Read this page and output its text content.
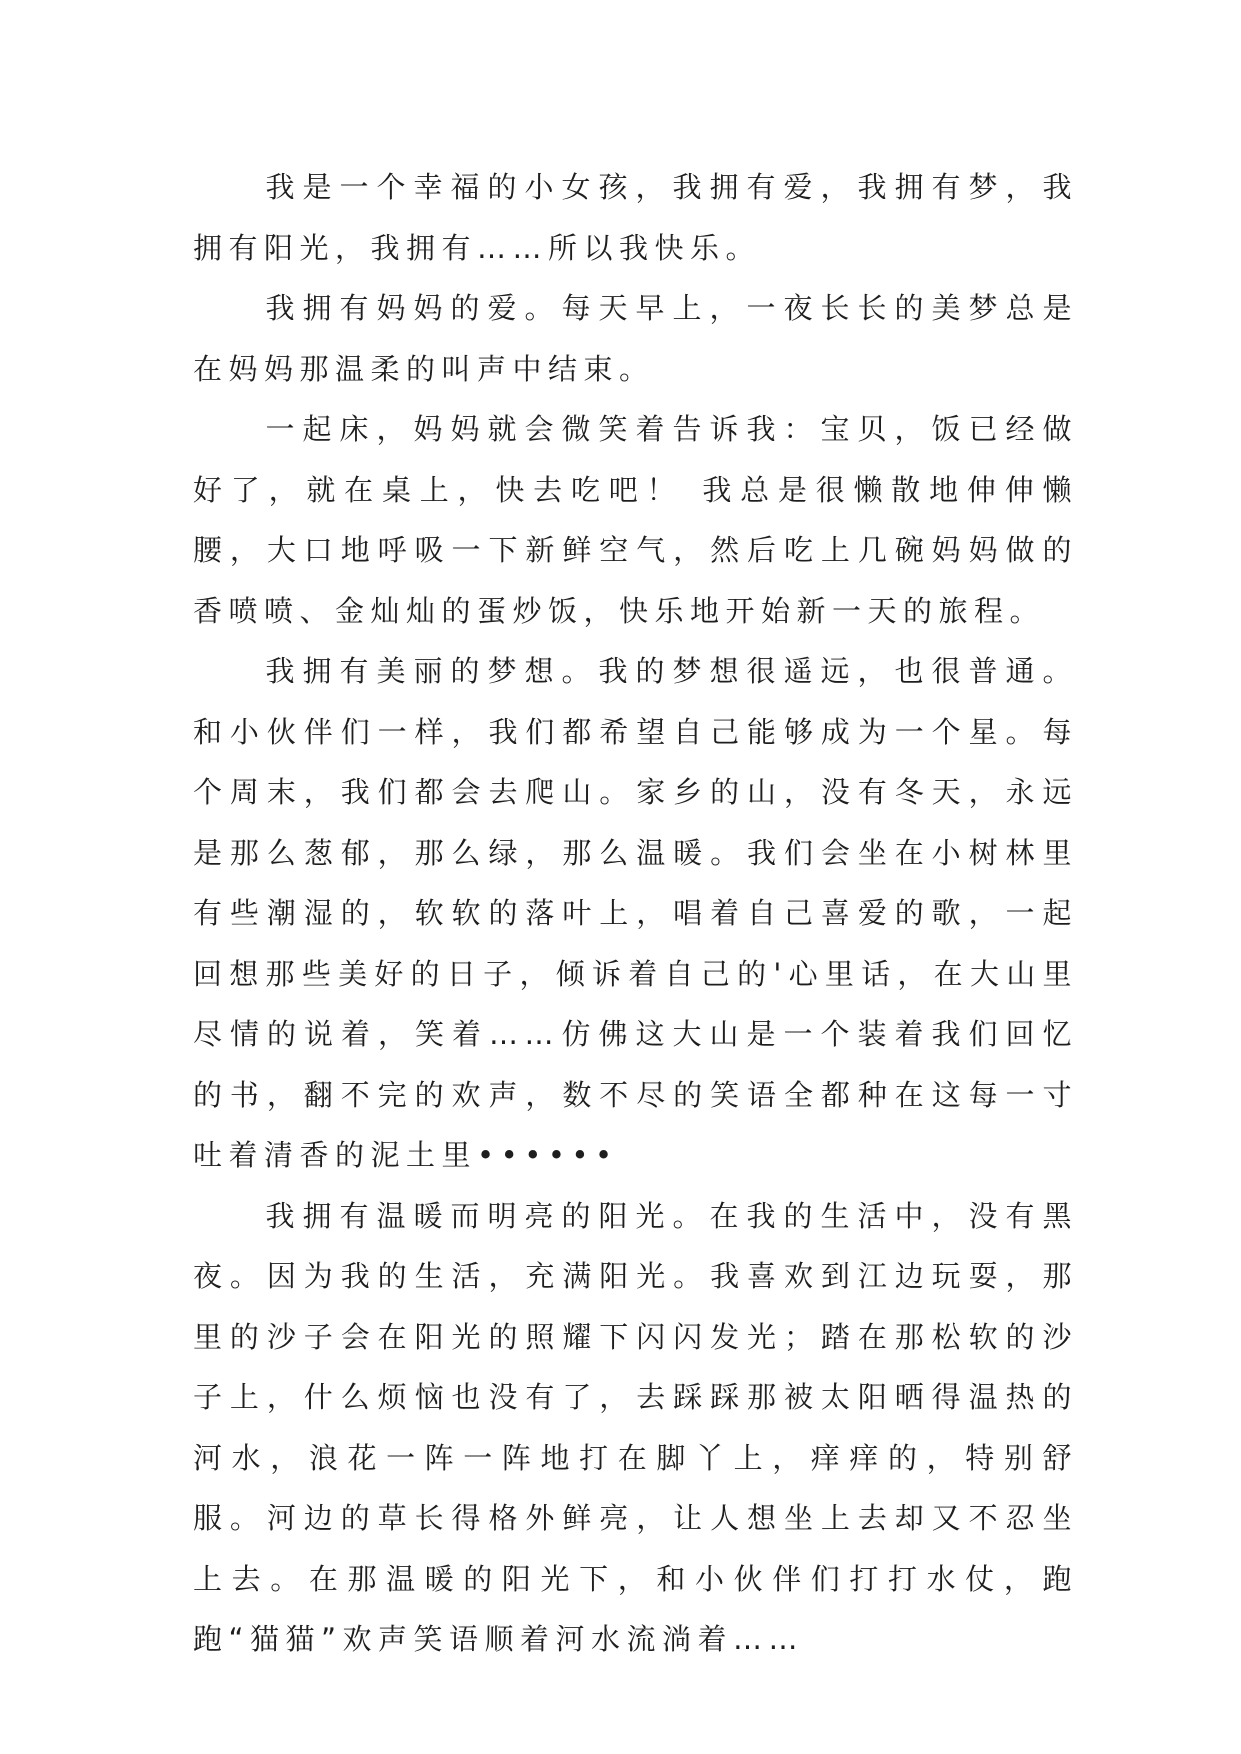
我是一个幸福的小女孩，我拥有爱，我拥有梦，我拥有阳光，我拥有……所以我快乐。

我拥有妈妈的爱。每天早上，一夜长长的美梦总是在妈妈那温柔的叫声中结束。

一起床，妈妈就会微笑着告诉我：宝贝，饭已经做好了，就在桌上，快去吃吧！ 我总是很懒散地伸伸懒腰，大口地呼吸一下新鲜空气，然后吃上几碗妈妈做的香喷喷、金灿灿的蛋炒饭，快乐地开始新一天的旅程。

我拥有美丽的梦想。我的梦想很遥远，也很普通。和小伙伴们一样，我们都希望自己能够成为一个星。每个周末，我们都会去爬山。家乡的山，没有冬天，永远是那么葱郁，那么绿，那么温暖。我们会坐在小树林里有些潮湿的，软软的落叶上，唱着自己喜爱的歌，一起回想那些美好的日子，倾诉着自己的'心里话，在大山里尽情的说着，笑着……仿佛这大山是一个装着我们回忆的书，翻不完的欢声，数不尽的笑语全都种在这每一寸吐着清香的泥土里••••••

我拥有温暖而明亮的阳光。在我的生活中，没有黑夜。因为我的生活，充满阳光。我喜欢到江边玩耍，那里的沙子会在阳光的照耀下闪闪发光；踏在那松软的沙子上，什么烦恼也没有了，去踩踩那被太阳晒得温热的河水，浪花一阵一阵地打在脚丫上，痒痒的，特别舒服。河边的草长得格外鲜亮，让人想坐上去却又不忍坐上去。在那温暖的阳光下，和小伙伴们打打水仗，跑跑“猫猫”欢声笑语顺着河水流淌着……
